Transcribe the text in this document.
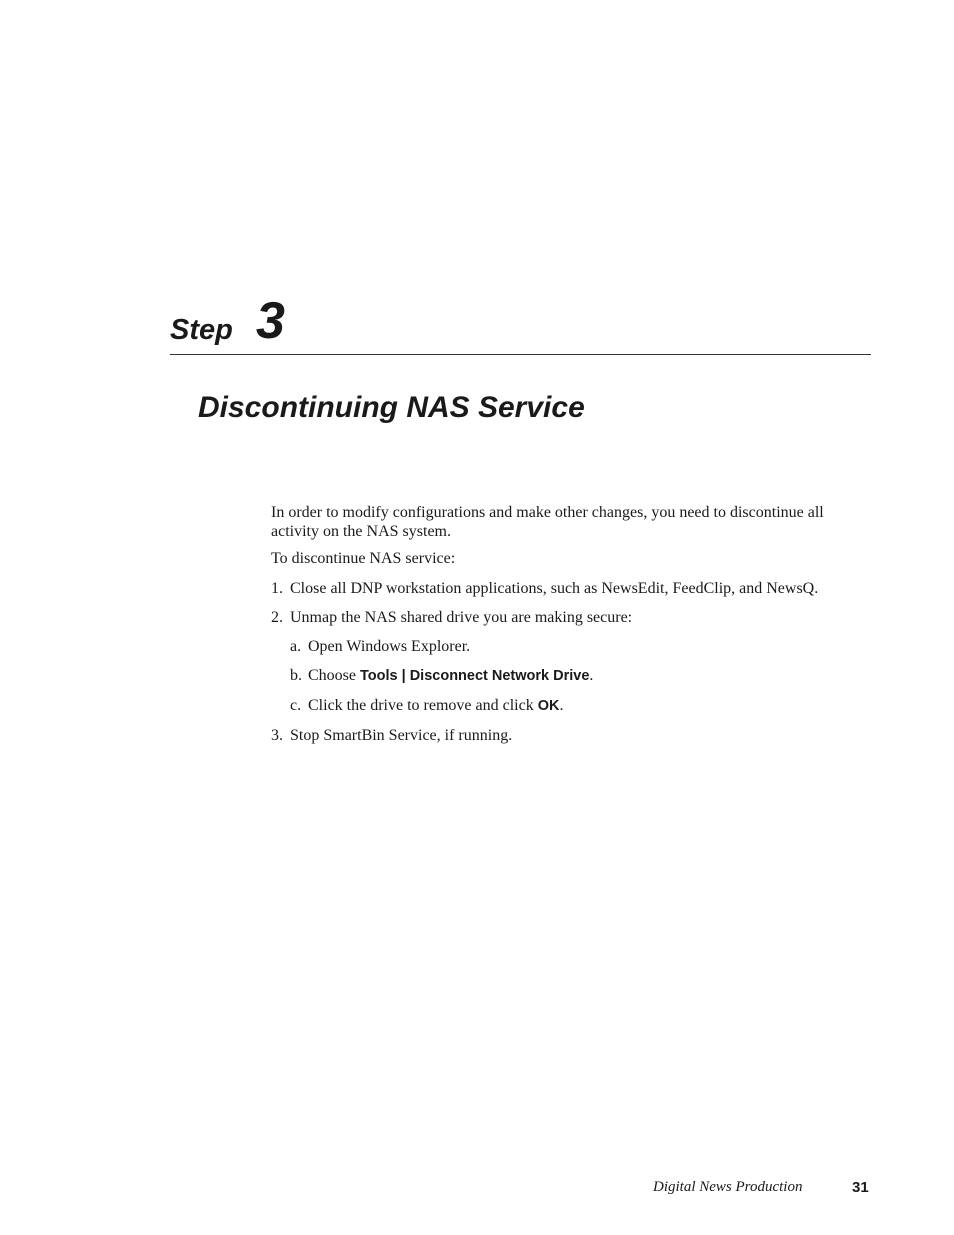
Step 3
Discontinuing NAS Service

In order to modify configurations and make other changes, you need to discontinue all activity on the NAS system.

To discontinue NAS service:

1. Close all DNP workstation applications, such as NewsEdit, FeedClip, and NewsQ.
2. Unmap the NAS shared drive you are making secure:
a. Open Windows Explorer.
b. Choose Tools | Disconnect Network Drive.
c. Click the drive to remove and click OK.
3. Stop SmartBin Service, if running.
Digital News Production	31
